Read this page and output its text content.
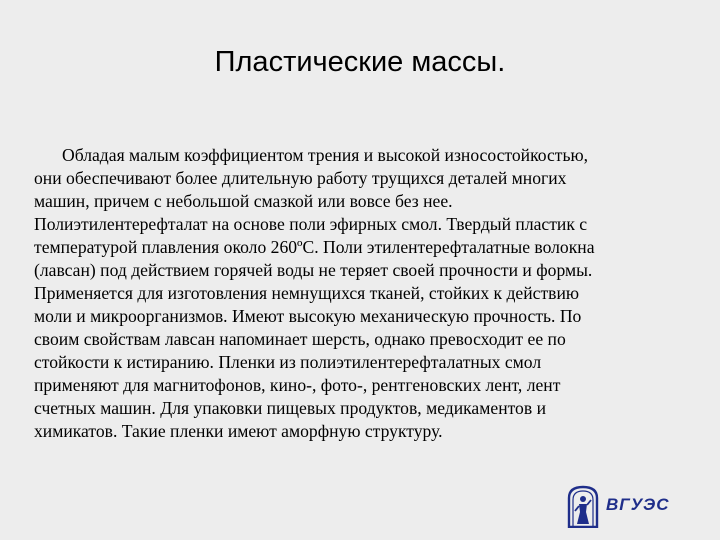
Пластические массы.
Обладая малым коэффициентом трения и высокой износостойкостью,
они обеспечивают более длительную работу трущихся деталей многих
машин, причем с небольшой смазкой или вовсе без нее.
Полиэтилентерефталат на основе поли эфирных смол. Твердый пластик с
температурой плавления около 260ºС. Поли этилентерефталатные волокна
(лавсан) под действием горячей воды не теряет своей прочности и формы.
Применяется для изготовления немнущихся тканей, стойких к действию
моли и микроорганизмов. Имеют высокую механическую прочность. По
своим свойствам лавсан напоминает шерсть, однако превосходит ее по
стойкости к истиранию. Пленки из полиэтилентерефталатных смол
применяют для магнитофонов, кино-, фото-, рентгеновских лент, лент
счетных машин. Для упаковки пищевых продуктов, медикаментов и
химикатов. Такие пленки имеют аморфную структуру.
ВГУЭС
